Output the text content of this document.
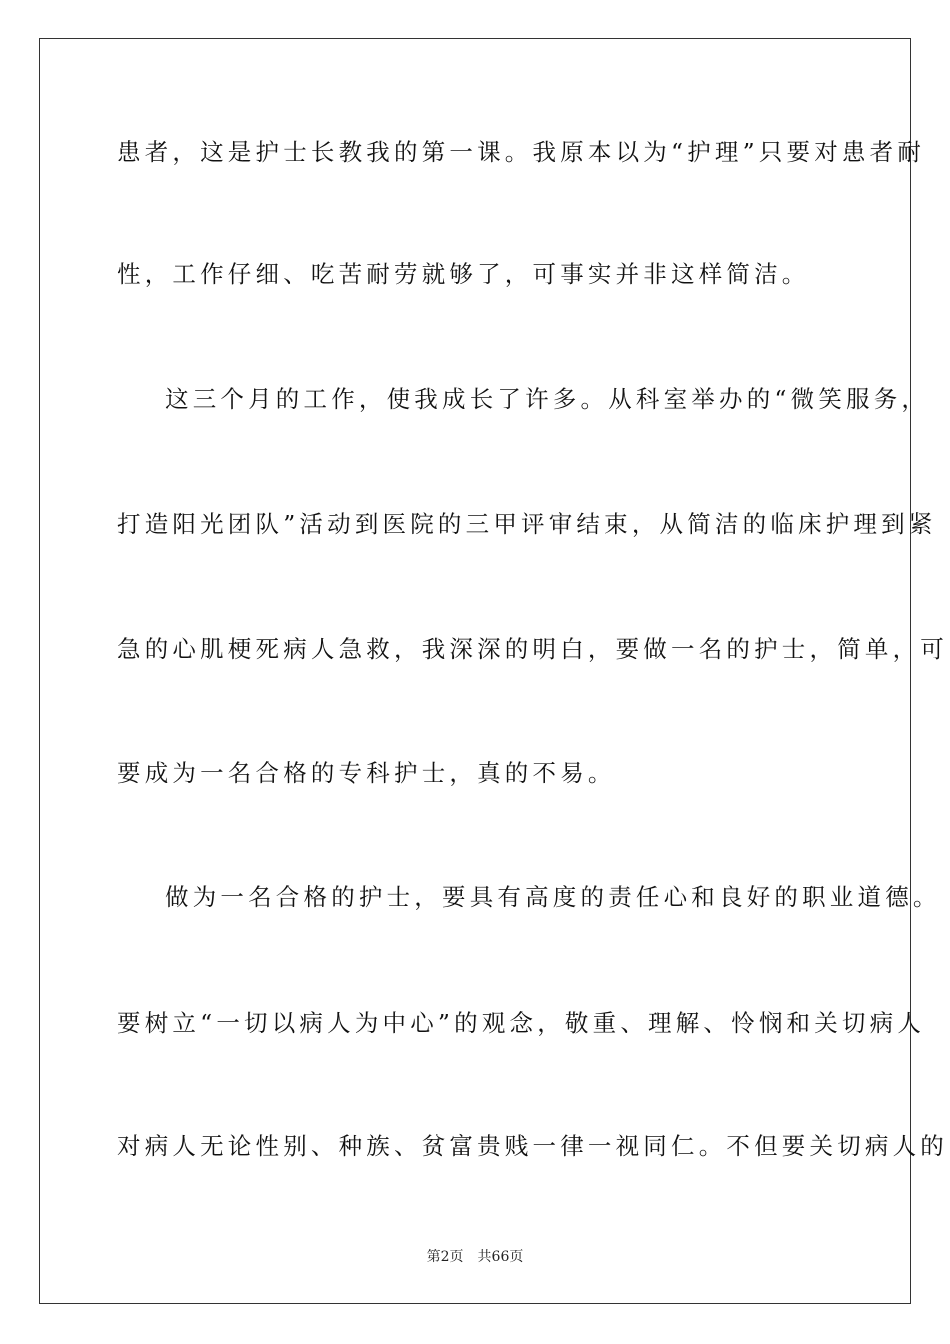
患者，这是护士长教我的第一课。我原本以为“护理”只要对患者耐
性，工作仔细、吃苦耐劳就够了，可事实并非这样简洁。
这三个月的工作，使我成长了许多。从科室举办的“微笑服务，
打造阳光团队”活动到医院的三甲评审结束，从简洁的临床护理到紧
急的心肌梗死病人急救，我深深的明白，要做一名的护士，简单，可
要成为一名合格的专科护士，真的不易。
做为一名合格的护士，要具有高度的责任心和良好的职业道德。
要树立“一切以病人为中心”的观念，敬重、理解、怜悯和关切病人
对病人无论性别、种族、贫富贵贱一律一视同仁。不但要关切病人的
第2页 共66页
